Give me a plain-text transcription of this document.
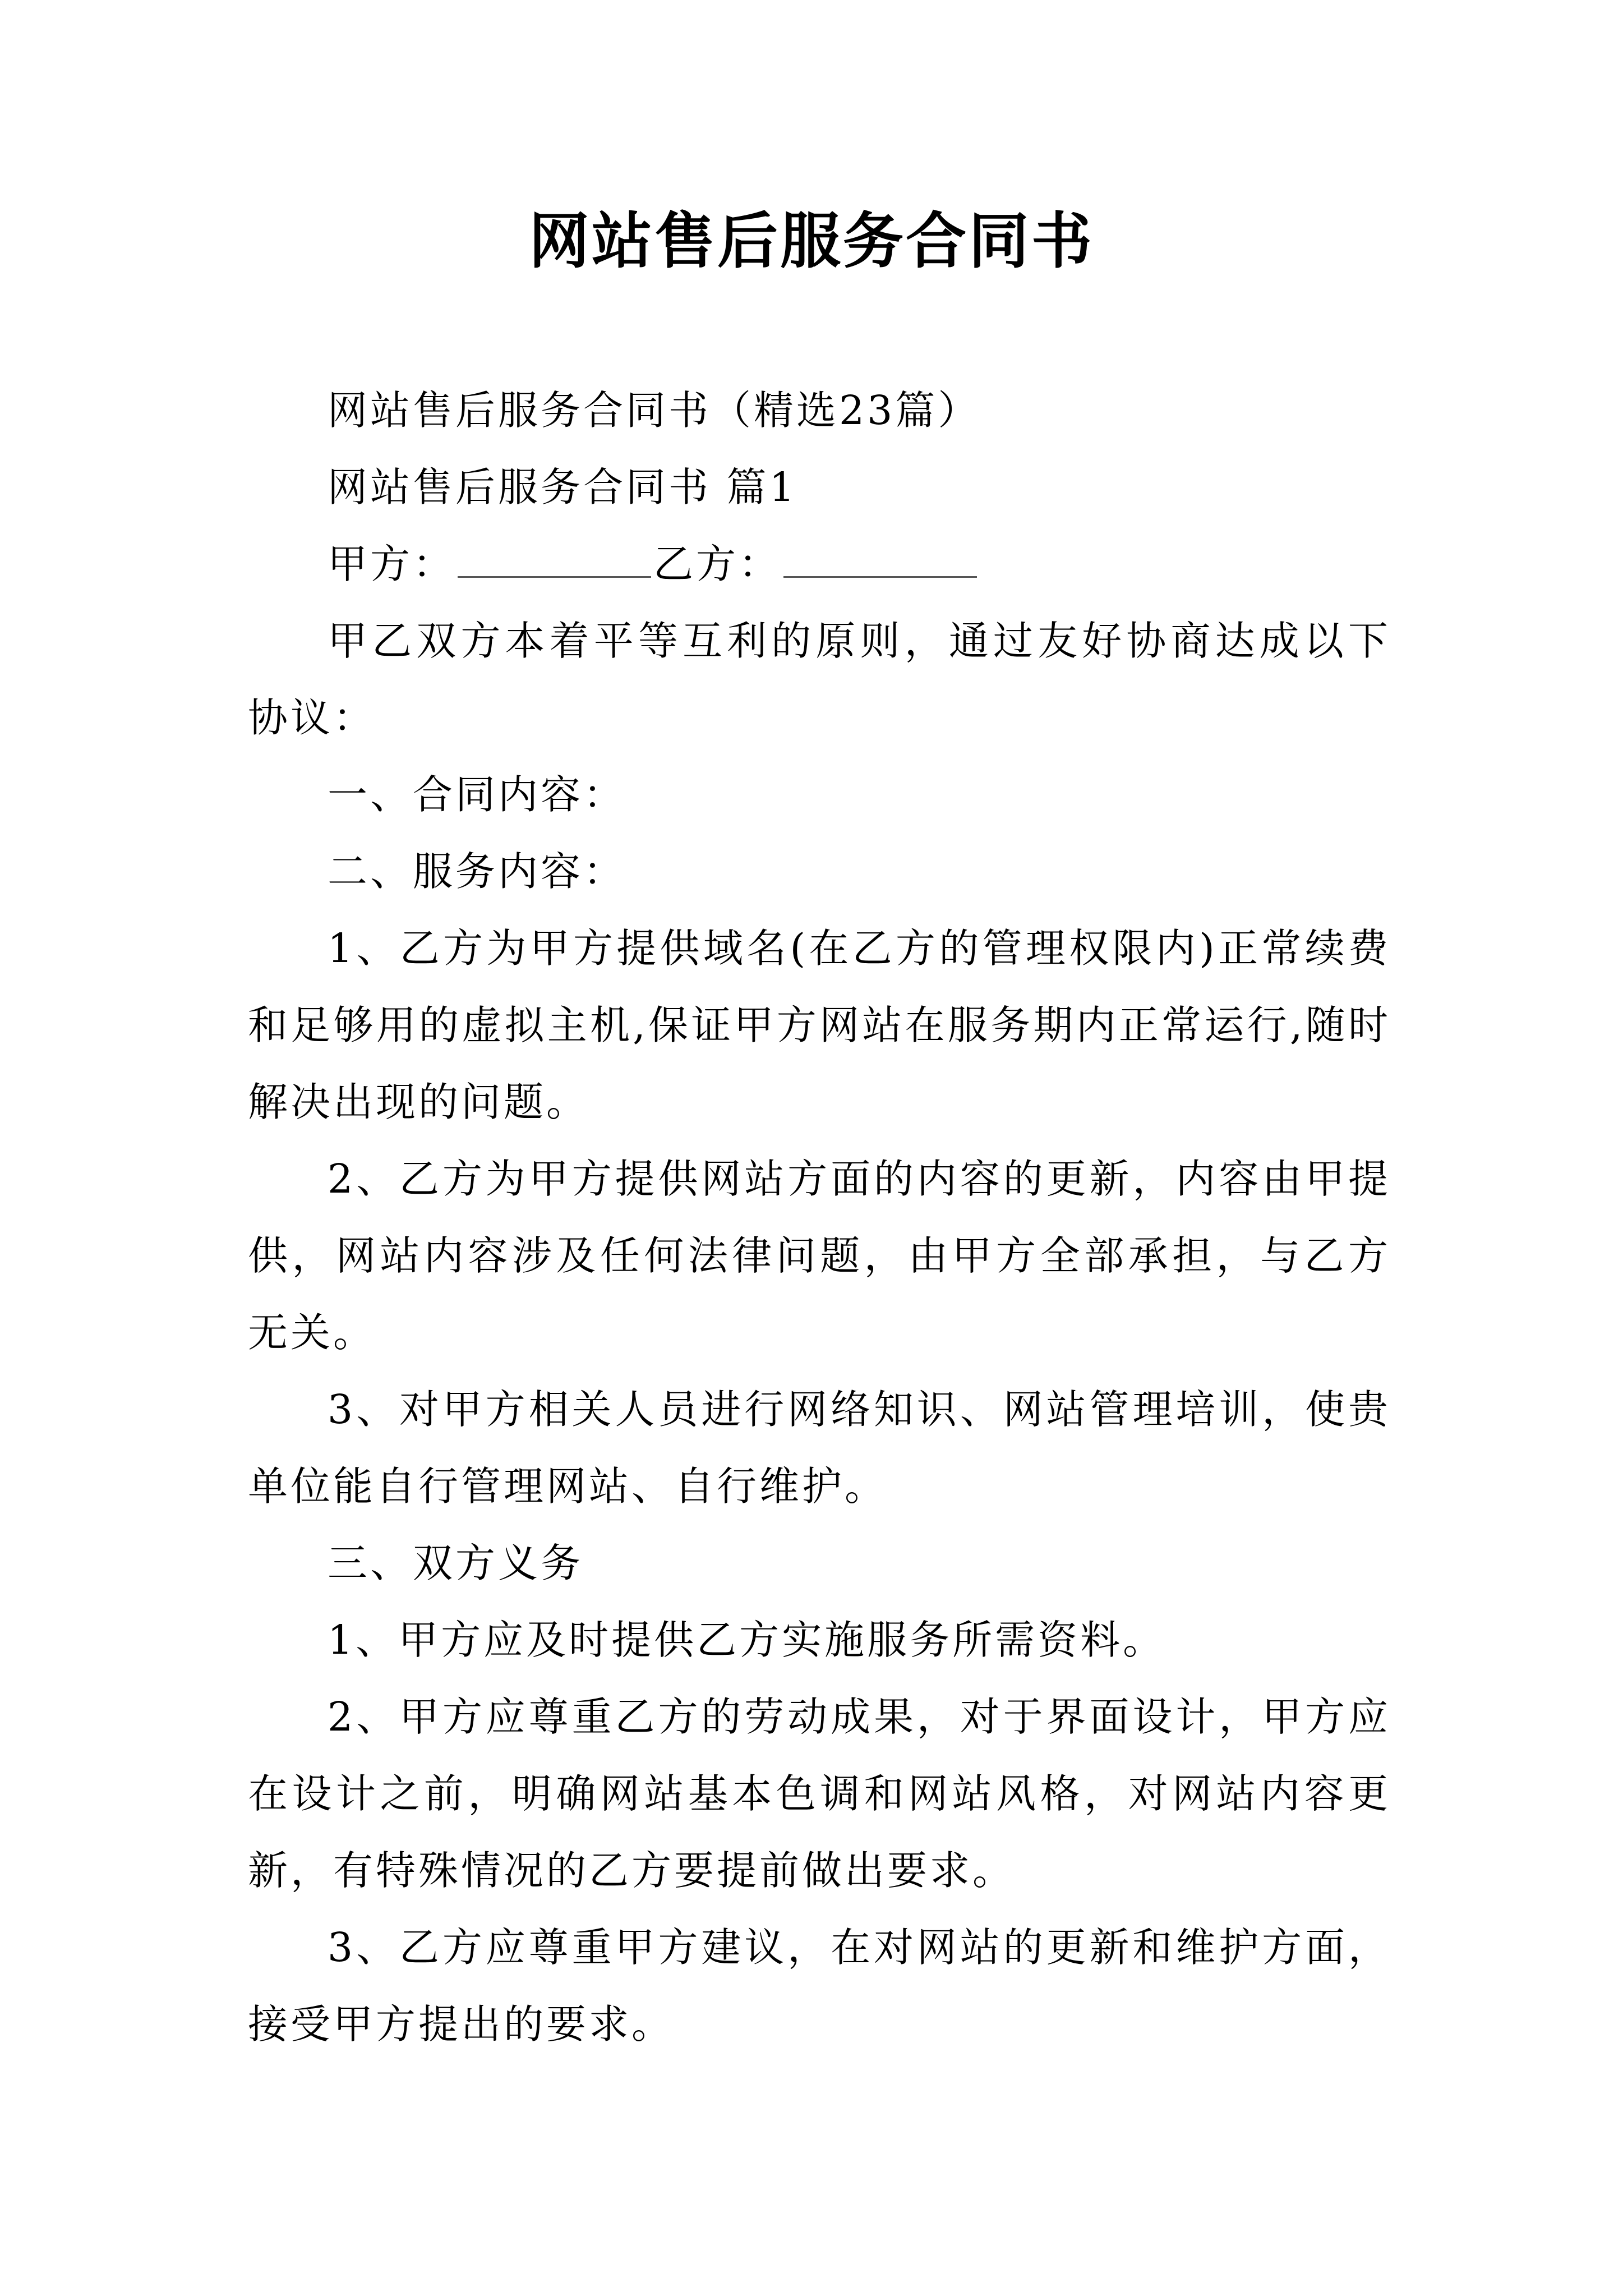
网站售后服务合同书

网站售后服务合同书（精选23篇）

网站售后服务合同书 篇1

甲方：	乙方：

甲乙双方本着平等互利的原则，通过友好协商达成以下协议：

一、合同内容：

二、服务内容：

1、乙方为甲方提供域名(在乙方的管理权限内)正常续费和足够用的虚拟主机,保证甲方网站在服务期内正常运行,随时解决出现的问题。

2、乙方为甲方提供网站方面的内容的更新，内容由甲提供，网站内容涉及任何法律问题，由甲方全部承担，与乙方无关。

3、对甲方相关人员进行网络知识、网站管理培训，使贵单位能自行管理网站、自行维护。

三、双方义务

1、甲方应及时提供乙方实施服务所需资料。

2、甲方应尊重乙方的劳动成果，对于界面设计，甲方应在设计之前，明确网站基本色调和网站风格，对网站内容更新，有特殊情况的乙方要提前做出要求。

3、乙方应尊重甲方建议，在对网站的更新和维护方面，接受甲方提出的要求。
